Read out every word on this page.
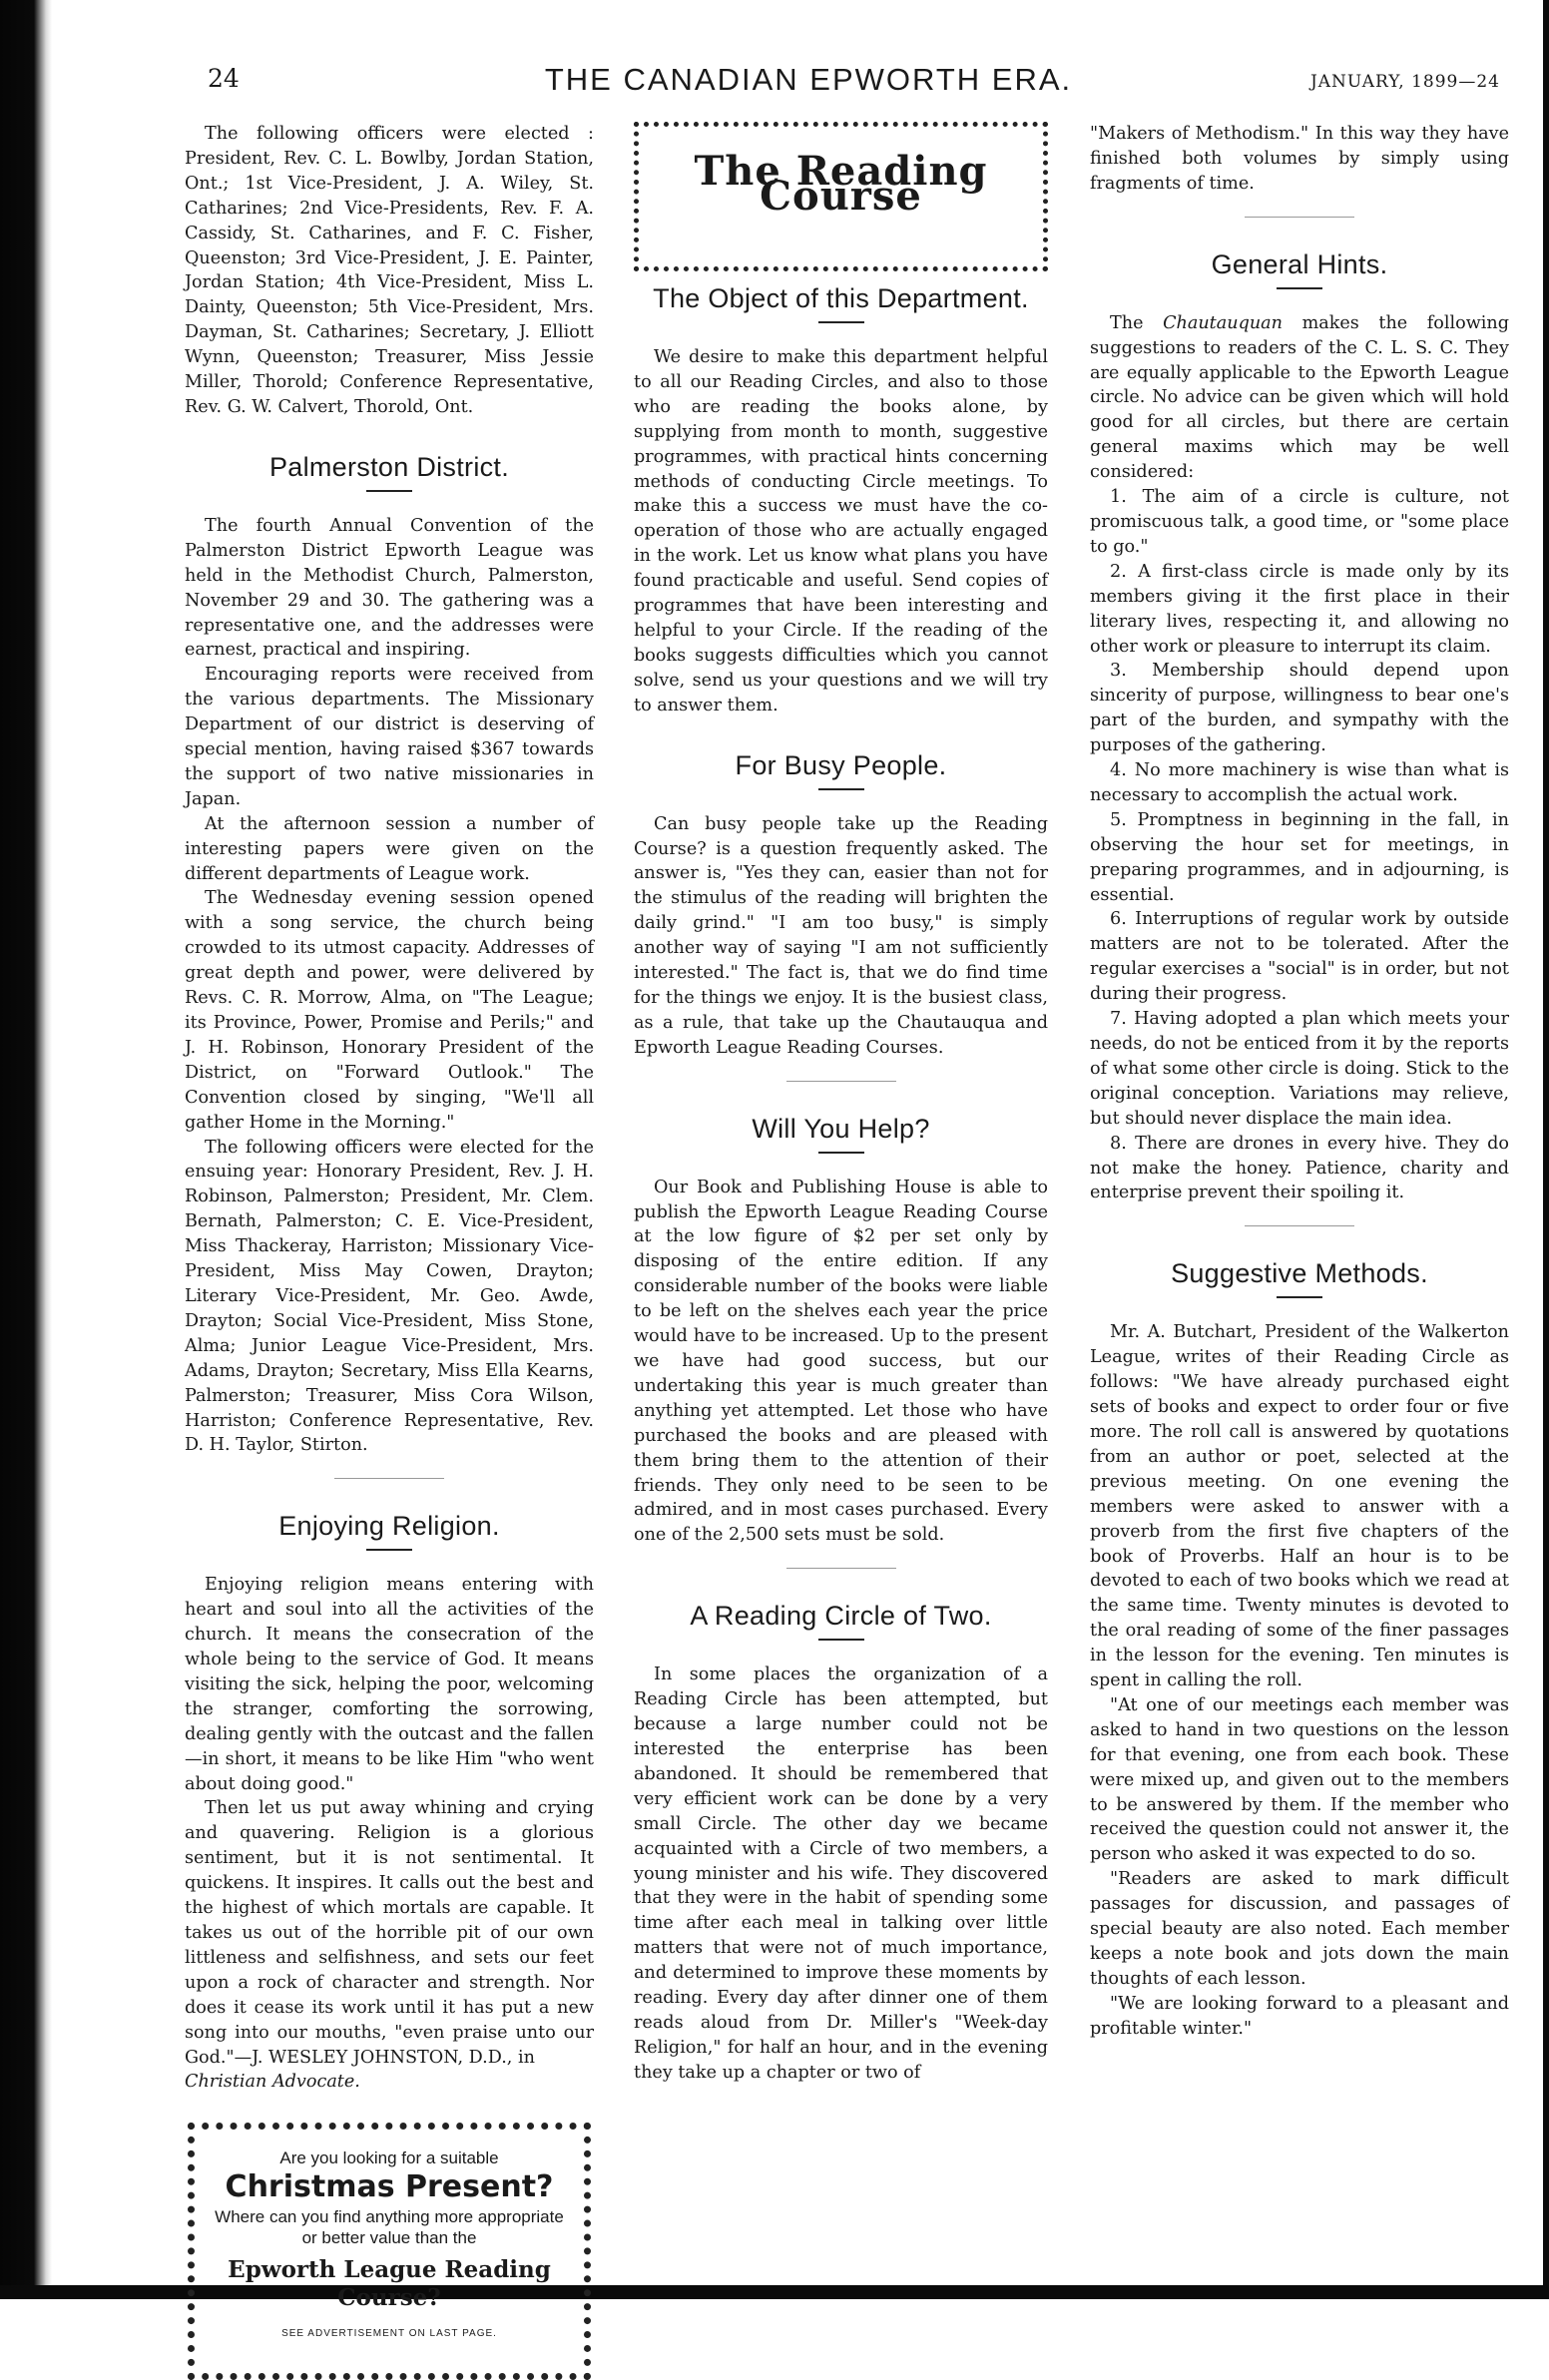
24	THE CANADIAN EPWORTH ERA.	JANUARY, 1899—24

The following officers were elected : President, Rev. C. L. Bowlby, Jordan Station, Ont.; 1st Vice-President, J. A. Wiley, St. Catharines; 2nd Vice-Presidents, Rev. F. A. Cassidy, St. Catharines, and F. C. Fisher, Queenston; 3rd Vice-President, J. E. Painter, Jordan Station; 4th Vice-President, Miss L. Dainty, Queenston; 5th Vice-President, Mrs. Dayman, St. Catharines; Secretary, J. Elliott Wynn, Queenston; Treasurer, Miss Jessie Miller, Thorold; Conference Representative, Rev. G. W. Calvert, Thorold, Ont.

Palmerston District.

The fourth Annual Convention of the Palmerston District Epworth League was held in the Methodist Church, Palmerston, November 29 and 30. The gathering was a representative one, and the addresses were earnest, practical and inspiring.

Encouraging reports were received from the various departments. The Missionary Department of our district is deserving of special mention, having raised $367 towards the support of two native missionaries in Japan.

At the afternoon session a number of interesting papers were given on the different departments of League work.

The Wednesday evening session opened with a song service, the church being crowded to its utmost capacity. Addresses of great depth and power, were delivered by Revs. C. R. Morrow, Alma, on "The League; its Province, Power, Promise and Perils;" and J. H. Robinson, Honorary President of the District, on "Forward Outlook." The Convention closed by singing, "We'll all gather Home in the Morning."

The following officers were elected for the ensuing year: Honorary President, Rev. J. H. Robinson, Palmerston; President, Mr. Clem. Bernath, Palmerston; C. E. Vice-President, Miss Thackeray, Harriston; Missionary Vice-President, Miss May Cowen, Drayton; Literary Vice-President, Mr. Geo. Awde, Drayton; Social Vice-President, Miss Stone, Alma; Junior League Vice-President, Mrs. Adams, Drayton; Secretary, Miss Ella Kearns, Palmerston; Treasurer, Miss Cora Wilson, Harriston; Conference Representative, Rev. D. H. Taylor, Stirton.

Enjoying Religion.

Enjoying religion means entering with heart and soul into all the activities of the church. It means the consecration of the whole being to the service of God. It means visiting the sick, helping the poor, welcoming the stranger, comforting the sorrowing, dealing gently with the outcast and the fallen—in short, it means to be like Him "who went about doing good."

Then let us put away whining and crying and quavering. Religion is a glorious sentiment, but it is not sentimental. It quickens. It inspires. It calls out the best and the highest of which mortals are capable. It takes us out of the horrible pit of our own littleness and selfishness, and sets our feet upon a rock of character and strength. Nor does it cease its work until it has put a new song into our mouths, "even praise unto our God."—J. WESLEY JOHNSTON, D.D., in

Christian Advocate.

Are you looking for a suitable
Christmas Present?
Where can you find anything more appropriate or better value than the
Epworth League Reading Course?
SEE ADVERTISEMENT ON LAST PAGE.
The Reading Course
The Object of this Department.

We desire to make this department helpful to all our Reading Circles, and also to those who are reading the books alone, by supplying from month to month, suggestive programmes, with practical hints concerning methods of conducting Circle meetings. To make this a success we must have the co-operation of those who are actually engaged in the work. Let us know what plans you have found practicable and useful. Send copies of programmes that have been interesting and helpful to your Circle. If the reading of the books suggests difficulties which you cannot solve, send us your questions and we will try to answer them.

For Busy People.

Can busy people take up the Reading Course? is a question frequently asked. The answer is, "Yes they can, easier than not for the stimulus of the reading will brighten the daily grind." "I am too busy," is simply another way of saying "I am not sufficiently interested." The fact is, that we do find time for the things we enjoy. It is the busiest class, as a rule, that take up the Chautauqua and Epworth League Reading Courses.

Will You Help?

Our Book and Publishing House is able to publish the Epworth League Reading Course at the low figure of $2 per set only by disposing of the entire edition. If any considerable number of the books were liable to be left on the shelves each year the price would have to be increased. Up to the present we have had good success, but our undertaking this year is much greater than anything yet attempted. Let those who have purchased the books and are pleased with them bring them to the attention of their friends. They only need to be seen to be admired, and in most cases purchased. Every one of the 2,500 sets must be sold.

A Reading Circle of Two.

In some places the organization of a Reading Circle has been attempted, but because a large number could not be interested the enterprise has been abandoned. It should be remembered that very efficient work can be done by a very small Circle. The other day we became acquainted with a Circle of two members, a young minister and his wife. They discovered that they were in the habit of spending some time after each meal in talking over little matters that were not of much importance, and determined to improve these moments by reading. Every day after dinner one of them reads aloud from Dr. Miller's "Week-day Religion," for half an hour, and in the evening they take up a chapter or two of

"Makers of Methodism." In this way they have finished both volumes by simply using fragments of time.

General Hints.

The Chautauquan makes the following suggestions to readers of the C. L. S. C. They are equally applicable to the Epworth League circle. No advice can be given which will hold good for all circles, but there are certain general maxims which may be well considered:

1. The aim of a circle is culture, not promiscuous talk, a good time, or "some place to go."

2. A first-class circle is made only by its members giving it the first place in their literary lives, respecting it, and allowing no other work or pleasure to interrupt its claim.

3. Membership should depend upon sincerity of purpose, willingness to bear one's part of the burden, and sympathy with the purposes of the gathering.

4. No more machinery is wise than what is necessary to accomplish the actual work.

5. Promptness in beginning in the fall, in observing the hour set for meetings, in preparing programmes, and in adjourning, is essential.

6. Interruptions of regular work by outside matters are not to be tolerated. After the regular exercises a "social" is in order, but not during their progress.

7. Having adopted a plan which meets your needs, do not be enticed from it by the reports of what some other circle is doing. Stick to the original conception. Variations may relieve, but should never displace the main idea.

8. There are drones in every hive. They do not make the honey. Patience, charity and enterprise prevent their spoiling it.

Suggestive Methods.

Mr. A. Butchart, President of the Walkerton League, writes of their Reading Circle as follows: "We have already purchased eight sets of books and expect to order four or five more. The roll call is answered by quotations from an author or poet, selected at the previous meeting. On one evening the members were asked to answer with a proverb from the first five chapters of the book of Proverbs. Half an hour is to be devoted to each of two books which we read at the same time. Twenty minutes is devoted to the oral reading of some of the finer passages in the lesson for the evening. Ten minutes is spent in calling the roll.

"At one of our meetings each member was asked to hand in two questions on the lesson for that evening, one from each book. These were mixed up, and given out to the members to be answered by them. If the member who received the question could not answer it, the person who asked it was expected to do so.

"Readers are asked to mark difficult passages for discussion, and passages of special beauty are also noted. Each member keeps a note book and jots down the main thoughts of each lesson.

"We are looking forward to a pleasant and profitable winter."
